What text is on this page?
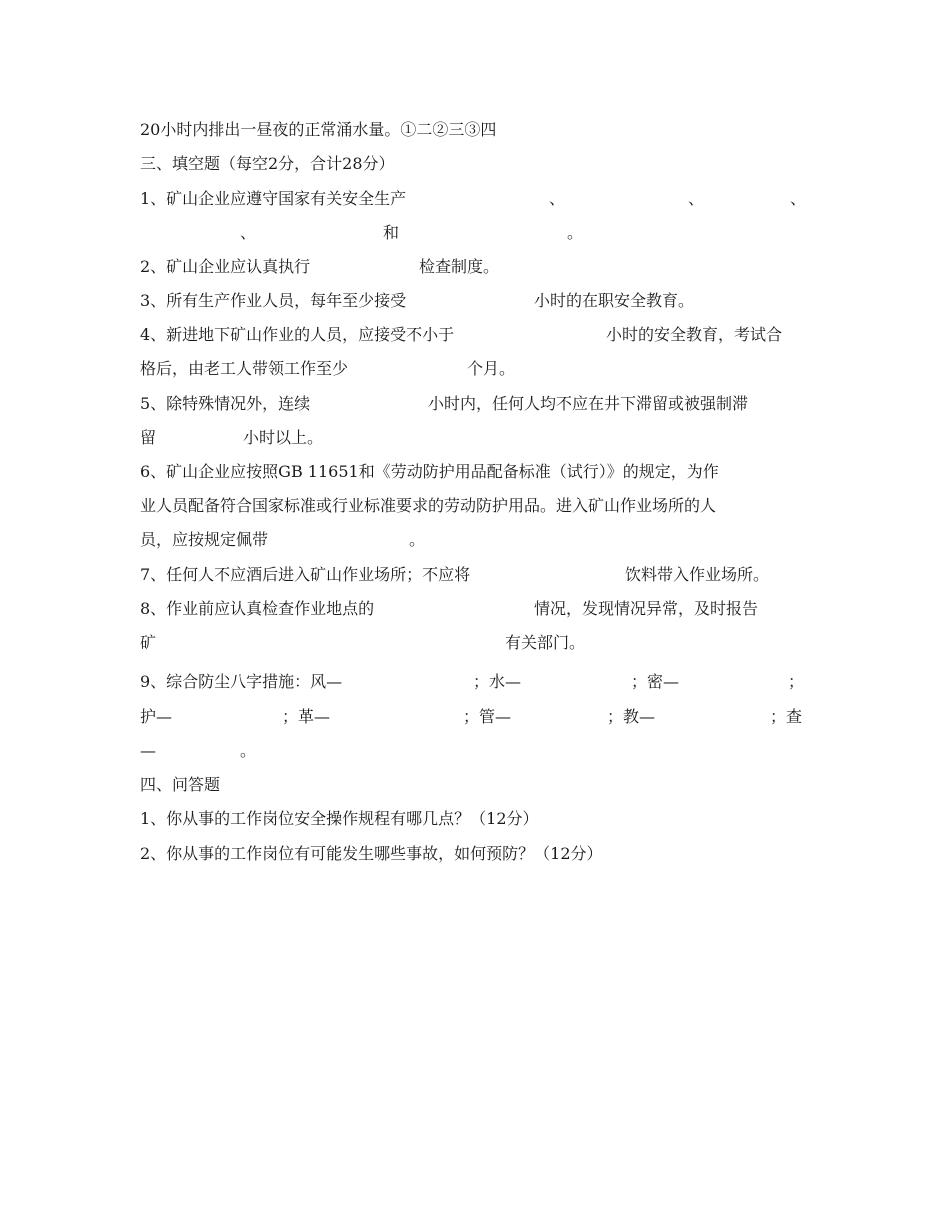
20小时内排出一昼夜的正常涌水量。①二②三③四
三、填空题（每空2分，合计28分）
1、矿山企业应遵守国家有关安全生产	、	、	、
、	和	。
2、矿山企业应认真执行	检查制度。
3、所有生产作业人员，每年至少接受	小时的在职安全教育。
4、新进地下矿山作业的人员，应接受不小于	小时的安全教育，考试合
格后，由老工人带领工作至少	个月。
5、除特殊情况外，连续	小时内，任何人均不应在井下滞留或被强制滞
留	小时以上。
6、矿山企业应按照GB 11651和《劳动防护用品配备标准（试行）》的规定，为作
业人员配备符合国家标准或行业标准要求的劳动防护用品。进入矿山作业场所的人
员，应按规定佩带	。
7、任何人不应酒后进入矿山作业场所；不应将	饮料带入作业场所。
8、作业前应认真检查作业地点的	情况，发现情况异常，及时报告
矿	有关部门。
9、综合防尘八字措施：风—	；水—	；密—	；
护—	；革—	；管—	；教—	；查
—	。
四、问答题
1、你从事的工作岗位安全操作规程有哪几点？（12分）
2、你从事的工作岗位有可能发生哪些事故，如何预防？（12分）
